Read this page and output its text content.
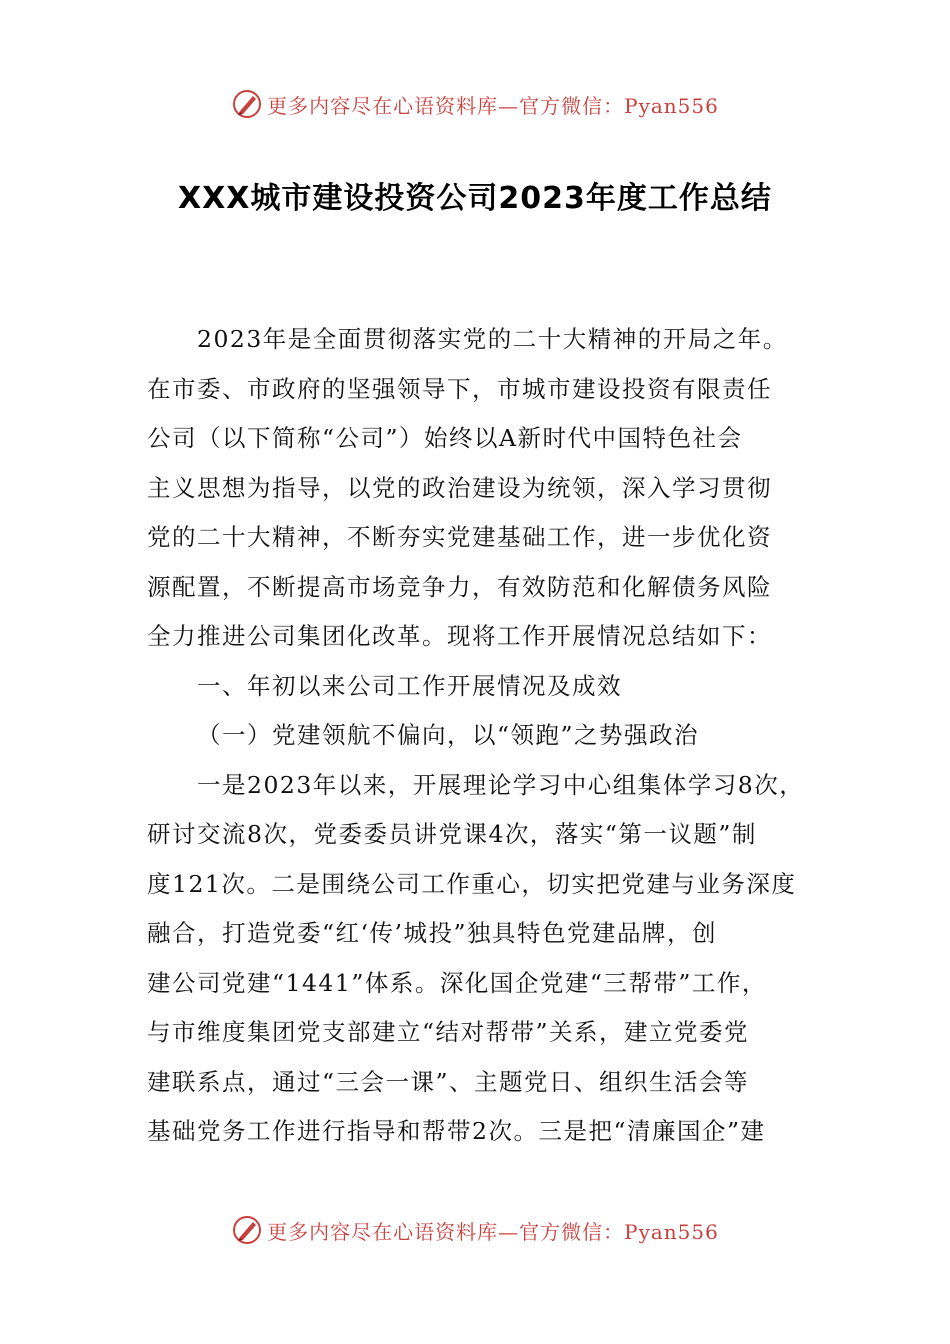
更多内容尽在心语资料库—官方微信：Pyan556
XXX城市建设投资公司2023年度工作总结
2023年是全面贯彻落实党的二十大精神的开局之年。
在市委、市政府的坚强领导下，市城市建设投资有限责任
公司（以下简称“公司”）始终以A新时代中国特色社会
主义思想为指导，以党的政治建设为统领，深入学习贯彻
党的二十大精神，不断夯实党建基础工作，进一步优化资
源配置，不断提高市场竞争力，有效防范和化解债务风险
全力推进公司集团化改革。现将工作开展情况总结如下：
一、年初以来公司工作开展情况及成效
（一）党建领航不偏向，以“领跑”之势强政治
一是2023年以来，开展理论学习中心组集体学习8次，
研讨交流8次，党委委员讲党课4次，落实“第一议题”制
度121次。二是围绕公司工作重心，切实把党建与业务深度
融合，打造党委“红‘传’城投”独具特色党建品牌，创
建公司党建“1441”体系。深化国企党建“三帮带”工作，
与市维度集团党支部建立“结对帮带”关系，建立党委党
建联系点，通过“三会一课”、主题党日、组织生活会等
基础党务工作进行指导和帮带2次。三是把“清廉国企”建
更多内容尽在心语资料库—官方微信：Pyan556
